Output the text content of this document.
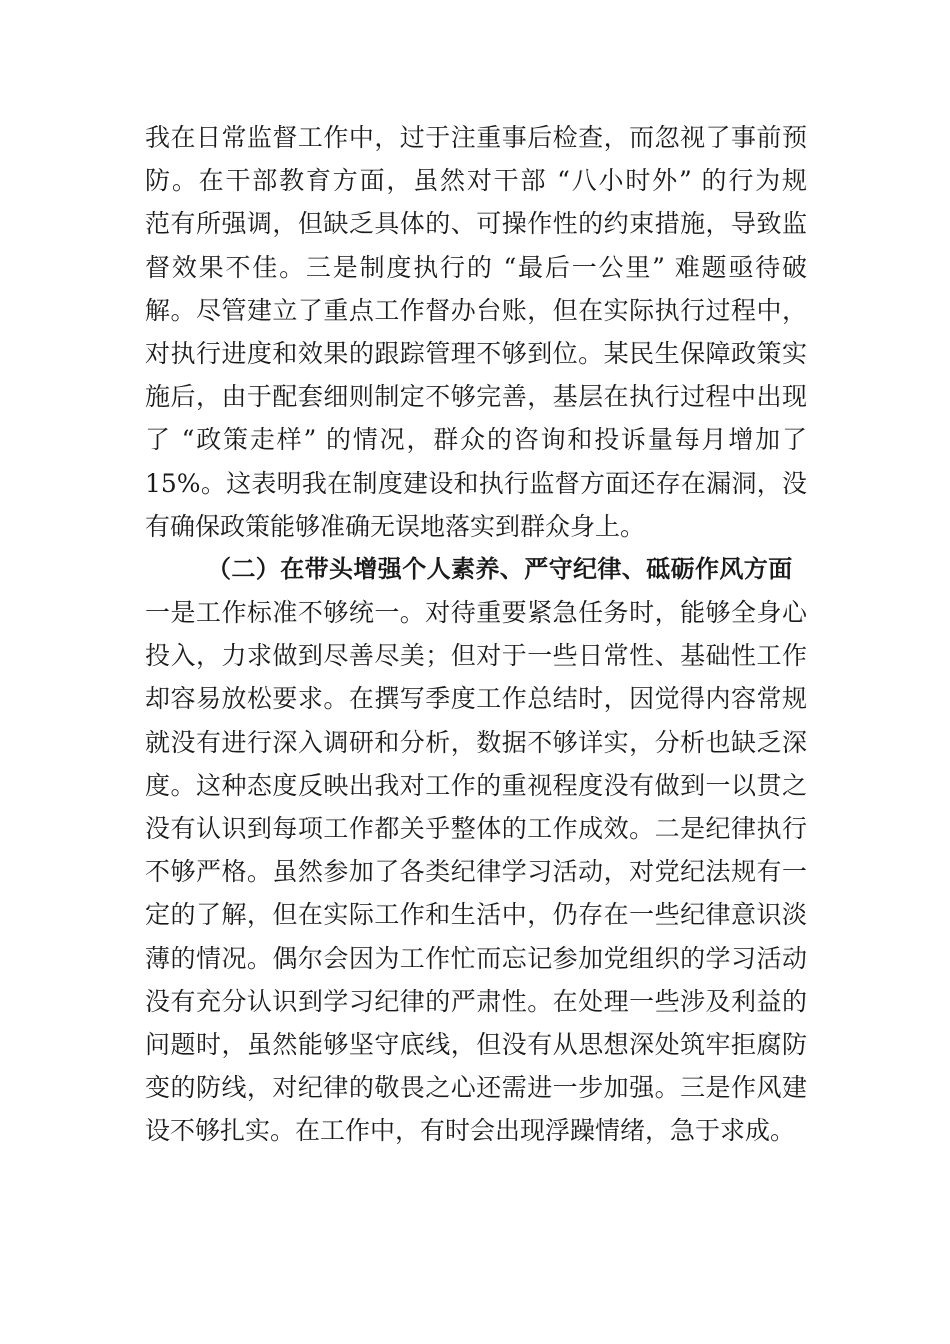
我在日常监督工作中，过于注重事后检查，而忽视了事前预
防。在干部教育方面，虽然对干部 “八小时外” 的行为规
范有所强调，但缺乏具体的、可操作性的约束措施，导致监
督效果不佳。三是制度执行的 “最后一公里” 难题亟待破
解。尽管建立了重点工作督办台账，但在实际执行过程中，
对执行进度和效果的跟踪管理不够到位。某民生保障政策实
施后，由于配套细则制定不够完善，基层在执行过程中出现
了 “政策走样” 的情况，群众的咨询和投诉量每月增加了
15%。这表明我在制度建设和执行监督方面还存在漏洞，没
有确保政策能够准确无误地落实到群众身上。
（二）在带头增强个人素养、严守纪律、砥砺作风方面
一是工作标准不够统一。对待重要紧急任务时，能够全身心
投入，力求做到尽善尽美；但对于一些日常性、基础性工作
却容易放松要求。在撰写季度工作总结时，因觉得内容常规
就没有进行深入调研和分析，数据不够详实，分析也缺乏深
度。这种态度反映出我对工作的重视程度没有做到一以贯之
没有认识到每项工作都关乎整体的工作成效。二是纪律执行
不够严格。虽然参加了各类纪律学习活动，对党纪法规有一
定的了解，但在实际工作和生活中，仍存在一些纪律意识淡
薄的情况。偶尔会因为工作忙而忘记参加党组织的学习活动
没有充分认识到学习纪律的严肃性。在处理一些涉及利益的
问题时，虽然能够坚守底线，但没有从思想深处筑牢拒腐防
变的防线，对纪律的敬畏之心还需进一步加强。三是作风建
设不够扎实。在工作中，有时会出现浮躁情绪，急于求成。
